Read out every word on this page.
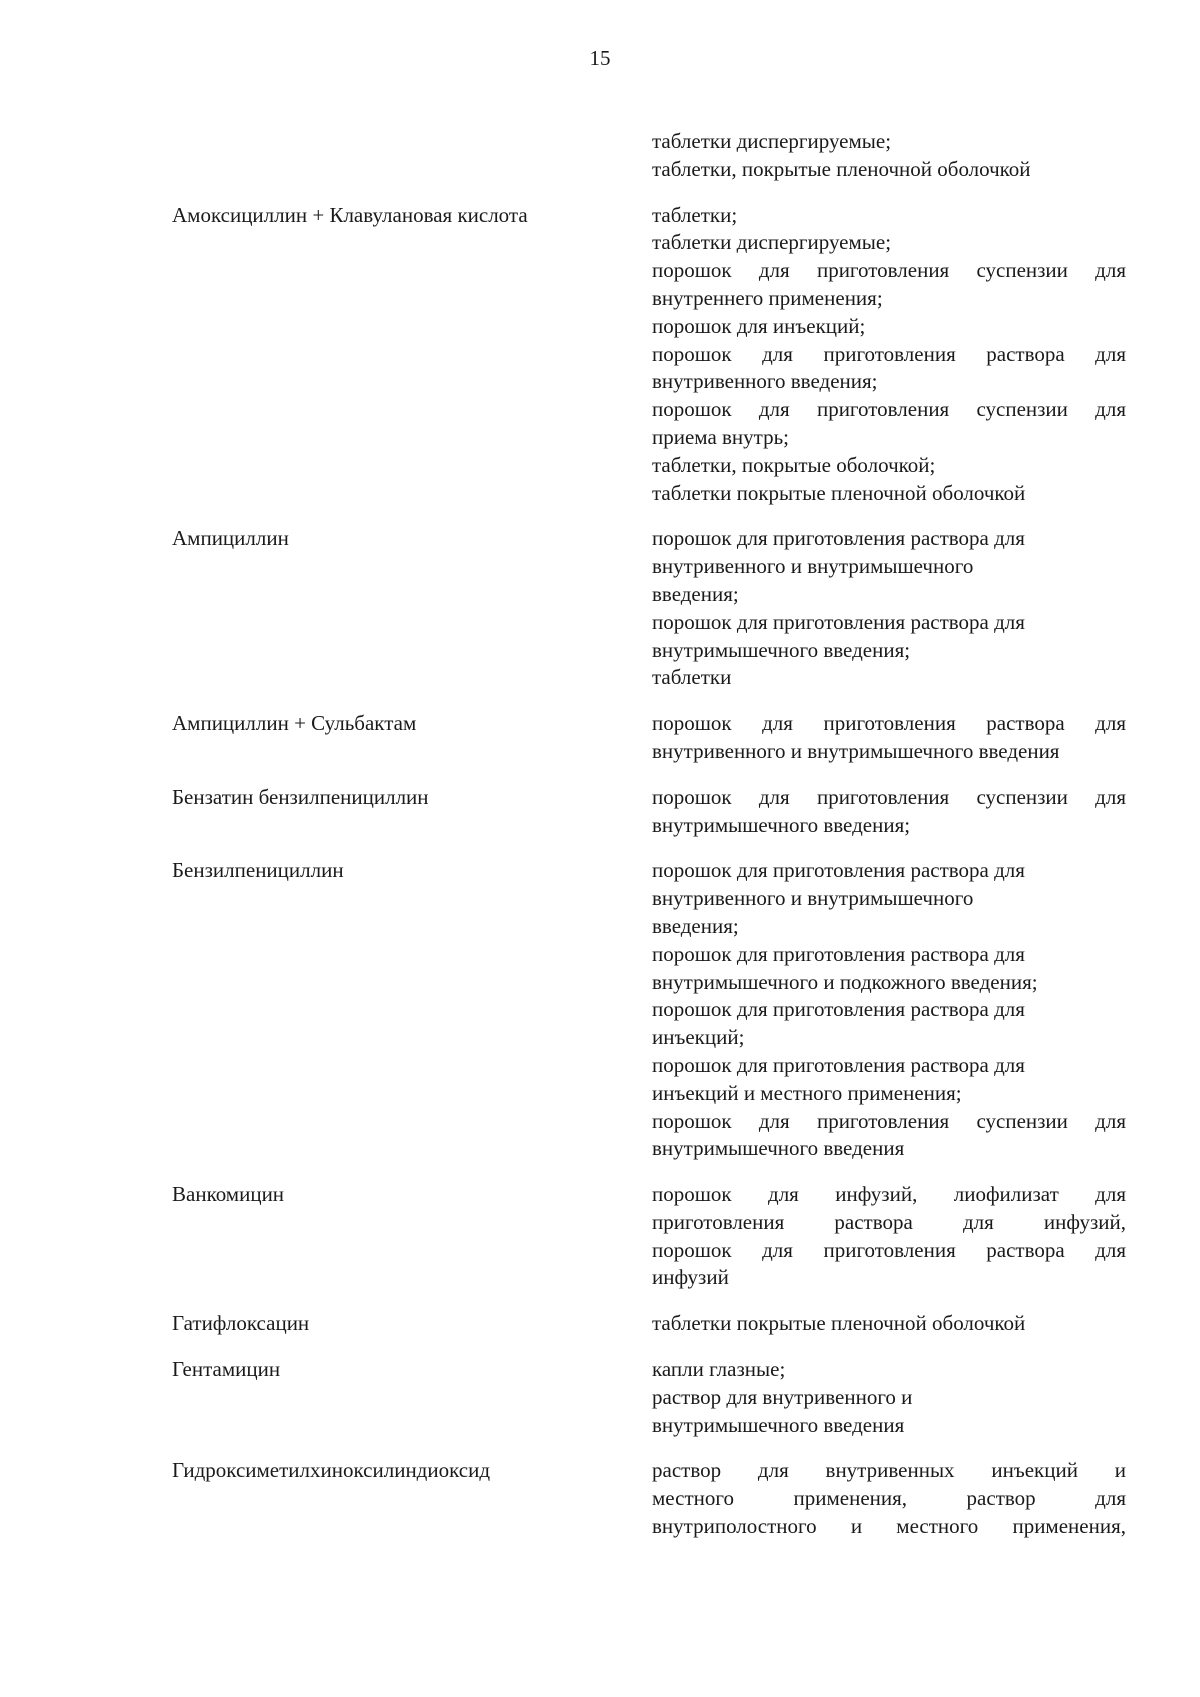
15
таблетки диспергируемые;
таблетки, покрытые пленочной оболочкой
Амоксициллин + Клавулановая кислота	таблетки;
таблетки диспергируемые;
порошок для приготовления суспензии для
внутреннего применения;
порошок для инъекций;
порошок для приготовления раствора для
внутривенного введения;
порошок для приготовления суспензии для
приема внутрь;
таблетки, покрытые оболочкой;
таблетки покрытые пленочной оболочкой
Ампициллин	порошок для приготовления раствора для
внутривенного и внутримышечного
введения;
порошок для приготовления раствора для
внутримышечного введения;
таблетки
Ампициллин + Сульбактам	порошок для приготовления раствора для
внутривенного и внутримышечного введения
Бензатин бензилпенициллин	порошок для приготовления суспензии для
внутримышечного введения;
Бензилпенициллин	порошок для приготовления раствора для
внутривенного и внутримышечного
введения;
порошок для приготовления раствора для
внутримышечного и подкожного введения;
порошок для приготовления раствора для
инъекций;
порошок для приготовления раствора для
инъекций и местного применения;
порошок для приготовления суспензии для
внутримышечного введения
Ванкомицин	порошок для инфузий, лиофилизат для
приготовления раствора для инфузий,
порошок для приготовления раствора для
инфузий
Гатифлоксацин	таблетки покрытые пленочной оболочкой
Гентамицин	капли глазные;
раствор для внутривенного и
внутримышечного введения
Гидроксиметилхиноксилиндиоксид	раствор для внутривенных инъекций и
местного применения, раствор для
внутриполостного и местного применения,
